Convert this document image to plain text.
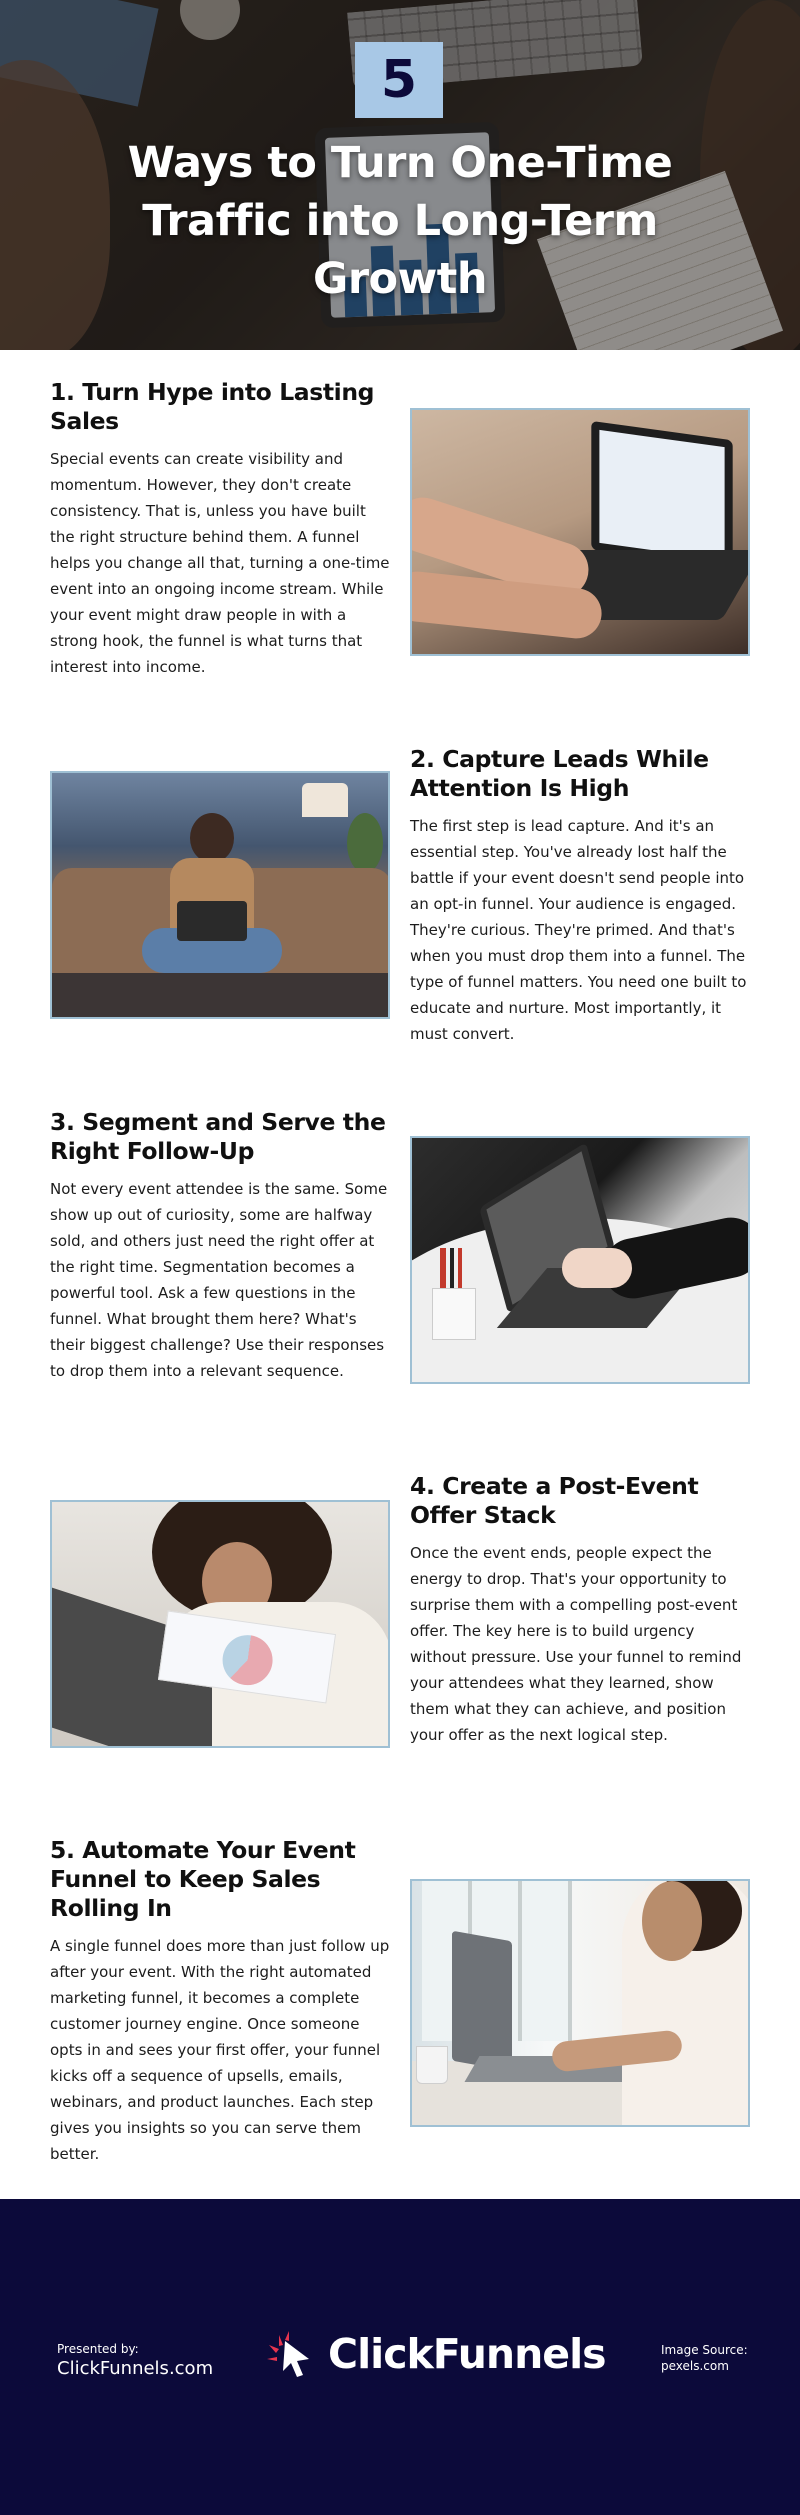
5
Ways to Turn One-Time Traffic into Long-Term Growth
1. Turn Hype into Lasting Sales
Special events can create visibility and momentum. However, they don't create consistency. That is, unless you have built the right structure behind them. A funnel helps you change all that, turning a one-time event into an ongoing income stream. While your event might draw people in with a strong hook, the funnel is what turns that interest into income.
2. Capture Leads While Attention Is High
The first step is lead capture. And it's an essential step. You've already lost half the battle if your event doesn't send people into an opt-in funnel. Your audience is engaged. They're curious. They're primed. And that's when you must drop them into a funnel. The type of funnel matters. You need one built to educate and nurture. Most importantly, it must convert.
3. Segment and Serve the Right Follow-Up
Not every event attendee is the same. Some show up out of curiosity, some are halfway sold, and others just need the right offer at the right time. Segmentation becomes a powerful tool. Ask a few questions in the funnel. What brought them here? What's their biggest challenge? Use their responses to drop them into a relevant sequence.
4. Create a Post-Event Offer Stack
Once the event ends, people expect the energy to drop. That's your opportunity to surprise them with a compelling post-event offer. The key here is to build urgency without pressure. Use your funnel to remind your attendees what they learned, show them what they can achieve, and position your offer as the next logical step.
5. Automate Your Event Funnel to Keep Sales Rolling In
A single funnel does more than just follow up after your event. With the right automated marketing funnel, it becomes a complete customer journey engine. Once someone opts in and sees your first offer, your funnel kicks off a sequence of upsells, emails, webinars, and product launches. Each step gives you insights so you can serve them better.
Presented by:
ClickFunnels.com	ClickFunnels	Image Source:
pexels.com
